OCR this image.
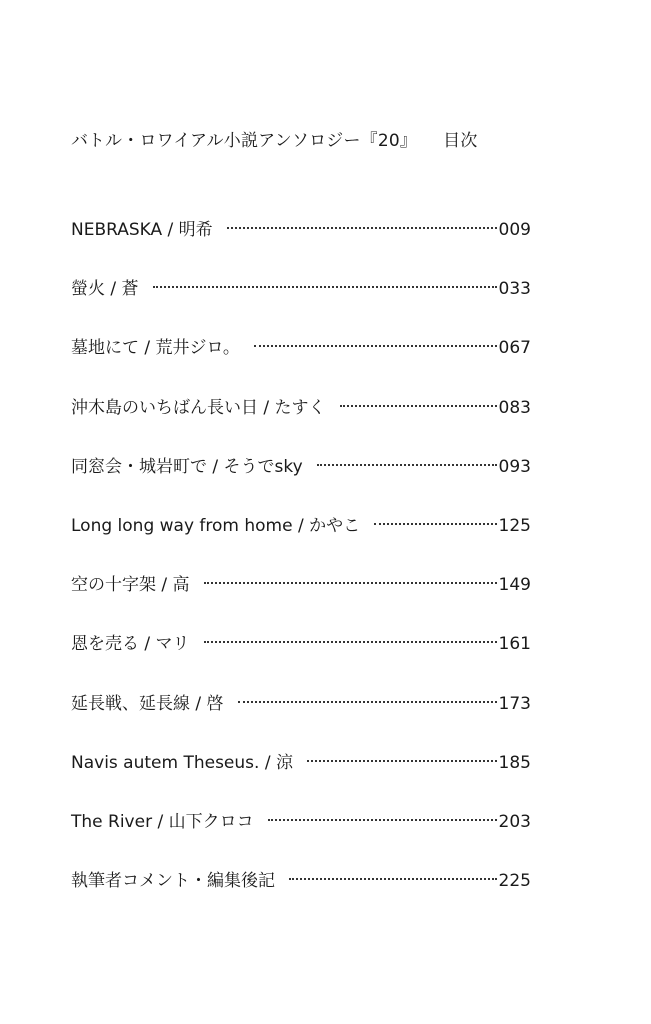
バトル・ロワイアル小説アンソロジー『20』 目次
NEBRASKA / 明希	009
螢火 / 蒼	033
墓地にて / 荒井ジロ。	067
沖木島のいちばん長い日 / たすく	083
同窓会・城岩町で / そうでsky	093
Long long way from home / かやこ	125
空の十字架 / 高	149
恩を売る / マリ	161
延長戦、延長線 / 啓	173
Navis autem Theseus. / 涼	185
The River / 山下クロコ	203
執筆者コメント・編集後記	225
